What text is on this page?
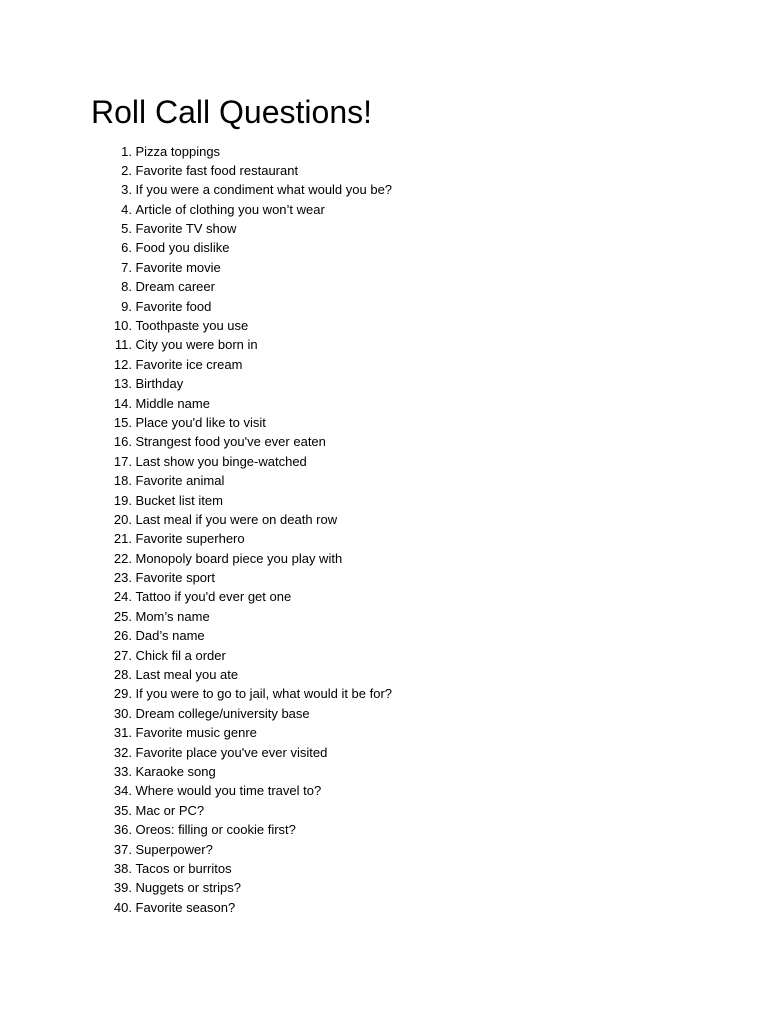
Roll Call Questions!
1. Pizza toppings
2. Favorite fast food restaurant
3. If you were a condiment what would you be?
4. Article of clothing you won’t wear
5. Favorite TV show
6. Food you dislike
7. Favorite movie
8. Dream career
9. Favorite food
10. Toothpaste you use
11. City you were born in
12. Favorite ice cream
13. Birthday
14. Middle name
15. Place you'd like to visit
16. Strangest food you've ever eaten
17. Last show you binge-watched
18. Favorite animal
19. Bucket list item
20. Last meal if you were on death row
21. Favorite superhero
22. Monopoly board piece you play with
23. Favorite sport
24. Tattoo if you'd ever get one
25. Mom’s name
26. Dad’s name
27. Chick fil a order
28. Last meal you ate
29. If you were to go to jail, what would it be for?
30. Dream college/university base
31. Favorite music genre
32. Favorite place you've ever visited
33. Karaoke song
34. Where would you time travel to?
35. Mac or PC?
36. Oreos: filling or cookie first?
37. Superpower?
38. Tacos or burritos
39. Nuggets or strips?
40. Favorite season?
